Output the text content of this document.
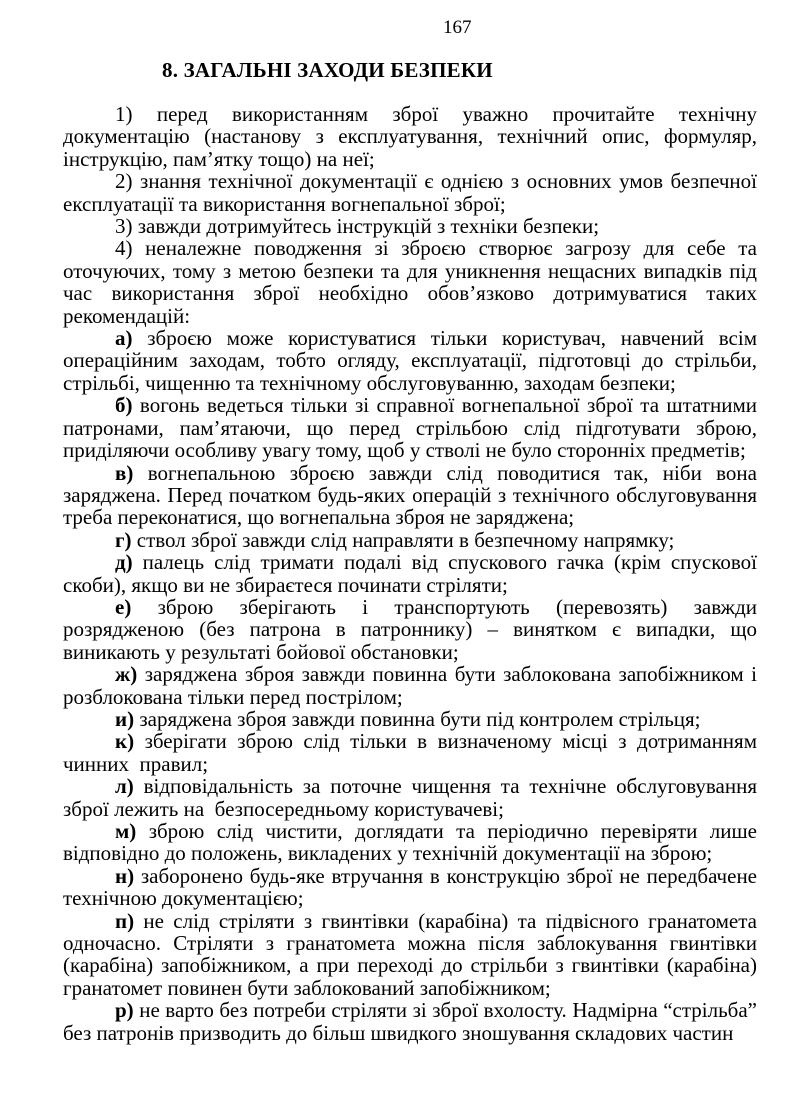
167
8. ЗАГАЛЬНІ ЗАХОДИ БЕЗПЕКИ

1) перед використанням зброї уважно прочитайте технічну документацію (настанову з експлуатування, технічний опис, формуляр, інструкцію, пам’ятку тощо) на неї;

2) знання технічної документації є однією з основних умов безпечної експлуатації та використання вогнепальної зброї;

3) завжди дотримуйтесь інструкцій з техніки безпеки;

4) неналежне поводження зі зброєю створює загрозу для себе та оточуючих, тому з метою безпеки та для уникнення нещасних випадків під час використання зброї необхідно обов’язково дотримуватися таких рекомендацій:

а) зброєю може користуватися тільки користувач, навчений всім операційним заходам, тобто огляду, експлуатації, підготовці до стрільби, стрільбі, чищенню та технічному обслуговуванню, заходам безпеки;

б) вогонь ведеться тільки зі справної вогнепальної зброї та штатними патронами, пам’ятаючи, що перед стрільбою слід підготувати зброю, приділяючи особливу увагу тому, щоб у стволі не було сторонніх предметів;

в) вогнепальною зброєю завжди слід поводитися так, ніби вона заряджена. Перед початком будь-яких операцій з технічного обслуговування треба переконатися, що вогнепальна зброя не заряджена;

г) ствол зброї завжди слід направляти в безпечному напрямку;

д) палець слід тримати подалі від спускового гачка (крім спускової скоби), якщо ви не збираєтеся починати стріляти;

е) зброю зберігають і транспортують (перевозять) завжди розрядженою (без патрона в патроннику) – винятком є випадки, що виникають у результаті бойової обстановки;

ж) заряджена зброя завжди повинна бути заблокована запобіжником і розблокована тільки перед пострілом;

и) заряджена зброя завжди повинна бути під контролем стрільця;

к) зберігати зброю слід тільки в визначеному місці з дотриманням чинних  правил;

л) відповідальність за поточне чищення та технічне обслуговування зброї лежить на  безпосередньому користувачеві;

м) зброю слід чистити, доглядати та періодично перевіряти лише відповідно до положень, викладених у технічній документації на зброю;

н) заборонено будь-яке втручання в конструкцію зброї не передбачене технічною документацією;

п) не слід стріляти з гвинтівки (карабіна) та підвісного гранатомета одночасно. Стріляти з гранатомета можна після заблокування гвинтівки (карабіна) запобіжником, а при переході до стрільби з гвинтівки (карабіна) гранатомет повинен бути заблокований запобіжником;

р) не варто без потреби стріляти зі зброї вхолосту. Надмірна “стрільба” без патронів призводить до більш швидкого зношування складових частин
